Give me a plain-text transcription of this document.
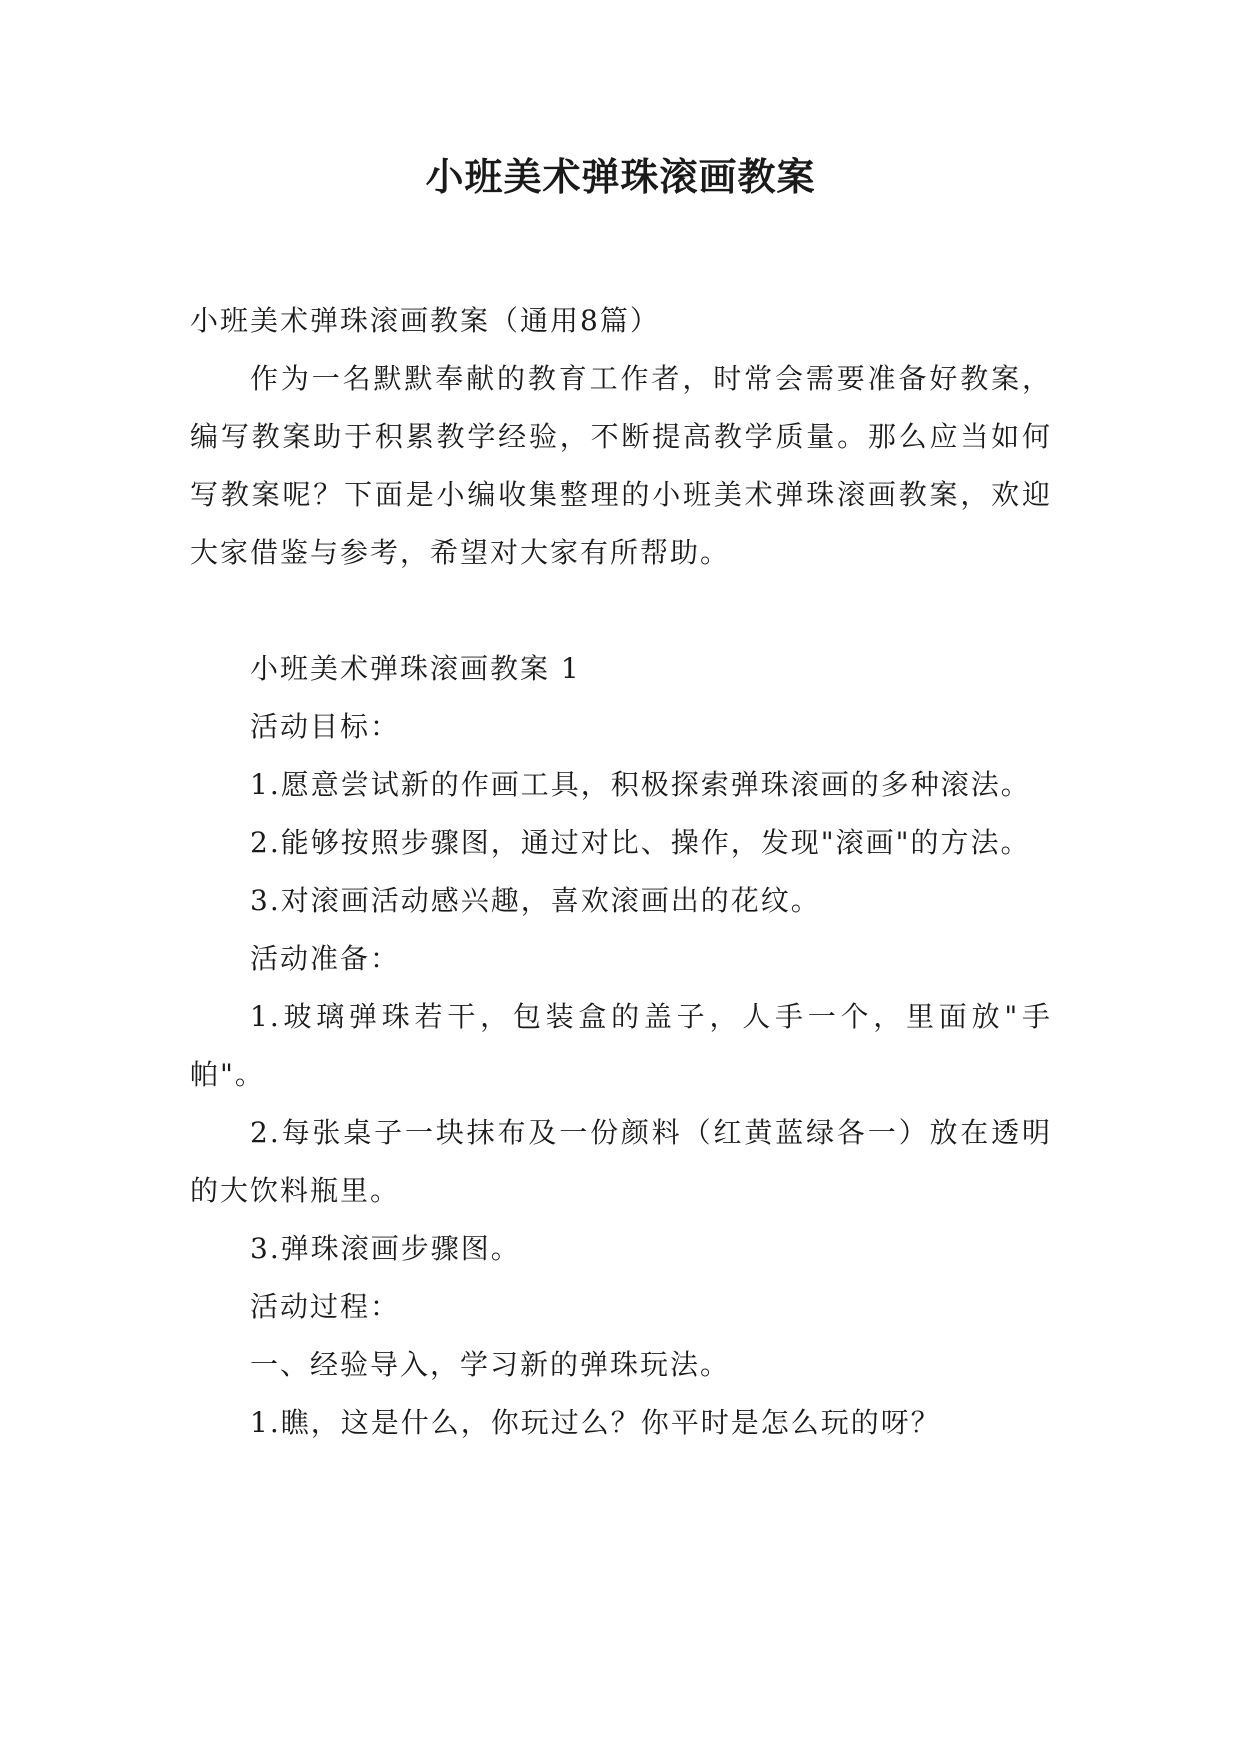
小班美术弹珠滚画教案

小班美术弹珠滚画教案（通用8篇）

作为一名默默奉献的教育工作者，时常会需要准备好教案，编写教案助于积累教学经验，不断提高教学质量。那么应当如何写教案呢？下面是小编收集整理的小班美术弹珠滚画教案，欢迎大家借鉴与参考，希望对大家有所帮助。

小班美术弹珠滚画教案 1

活动目标：

1.愿意尝试新的作画工具，积极探索弹珠滚画的多种滚法。

2.能够按照步骤图，通过对比、操作，发现"滚画"的方法。

3.对滚画活动感兴趣，喜欢滚画出的花纹。

活动准备：

1.玻璃弹珠若干，包装盒的盖子，人手一个，里面放"手帕"。

2.每张桌子一块抹布及一份颜料（红黄蓝绿各一）放在透明的大饮料瓶里。

3.弹珠滚画步骤图。

活动过程：

一、经验导入，学习新的弹珠玩法。

1.瞧，这是什么，你玩过么？你平时是怎么玩的呀？
